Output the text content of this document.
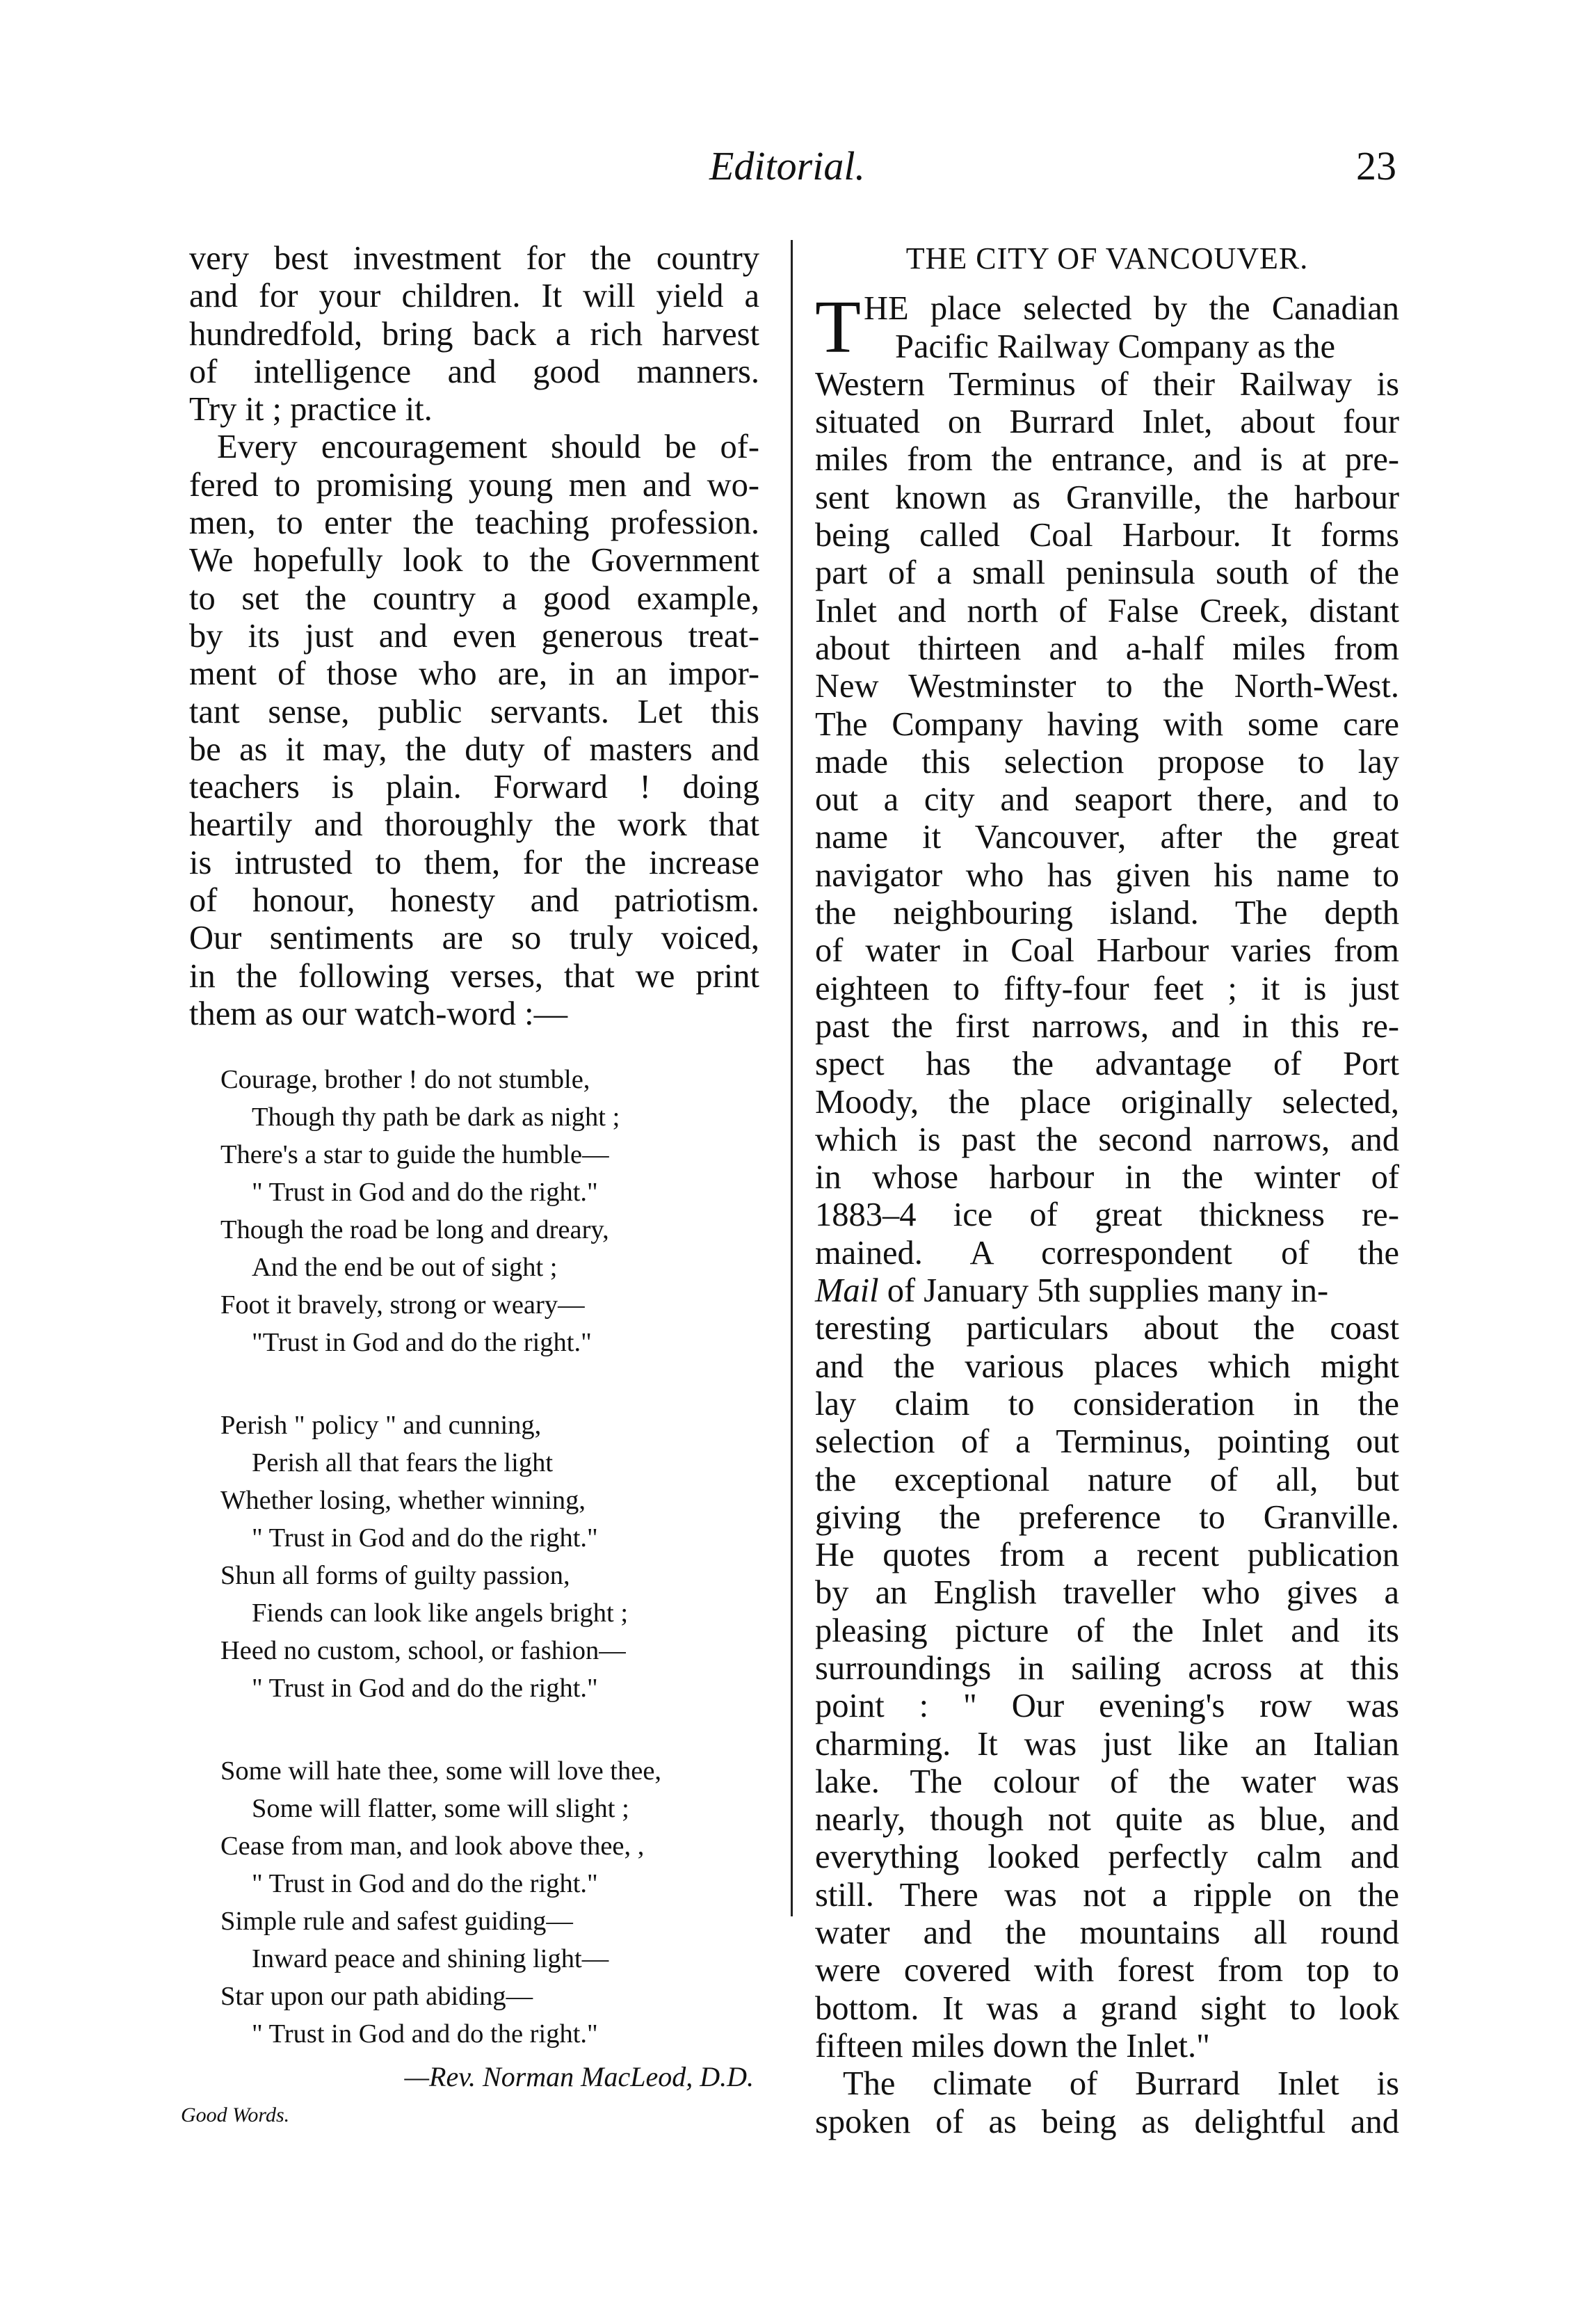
Editorial.	23
very best investment for the country
and for your children. It will yield a
hundredfold, bring back a rich harvest
of intelligence and good manners.
Try it ; practice it.
Every encouragement should be of-
fered to promising young men and wo-
men, to enter the teaching profession.
We hopefully look to the Government
to set the country a good example,
by its just and even generous treat-
ment of those who are, in an impor-
tant sense, public servants. Let this
be as it may, the duty of masters and
teachers is plain. Forward ! doing
heartily and thoroughly the work that
is intrusted to them, for the increase
of honour, honesty and patriotism.
Our sentiments are so truly voiced,
in the following verses, that we print
them as our watch-word :—
Courage, brother ! do not stumble,
Though thy path be dark as night ;
There's a star to guide the humble—
" Trust in God and do the right."
Though the road be long and dreary,
And the end be out of sight ;
Foot it bravely, strong or weary—
"Trust in God and do the right."
Perish " policy " and cunning,
Perish all that fears the light
Whether losing, whether winning,
" Trust in God and do the right."
Shun all forms of guilty passion,
Fiends can look like angels bright ;
Heed no custom, school, or fashion—
" Trust in God and do the right."
Some will hate thee, some will love thee,
Some will flatter, some will slight ;
Cease from man, and look above thee, ,
" Trust in God and do the right."
Simple rule and safest guiding—
Inward peace and shining light—
Star upon our path abiding—
" Trust in God and do the right."
—Rev. Norman MacLeod, D.D.
Good Words.
THE CITY OF VANCOUVER.
T HE place selected by the Canadian
Pacific Railway Company as the
Western Terminus of their Railway is
situated on Burrard Inlet, about four
miles from the entrance, and is at pre-
sent known as Granville, the harbour
being called Coal Harbour. It forms
part of a small peninsula south of the
Inlet and north of False Creek, distant
about thirteen and a-half miles from
New Westminster to the North-West.
The Company having with some care
made this selection propose to lay
out a city and seaport there, and to
name it Vancouver, after the great
navigator who has given his name to
the neighbouring island. The depth
of water in Coal Harbour varies from
eighteen to fifty-four feet ; it is just
past the first narrows, and in this re-
spect has the advantage of Port
Moody, the place originally selected,
which is past the second narrows, and
in whose harbour in the winter of
1883–4 ice of great thickness re-
mained. A correspondent of the
Mail of January 5th supplies many in-
teresting particulars about the coast
and the various places which might
lay claim to consideration in the
selection of a Terminus, pointing out
the exceptional nature of all, but
giving the preference to Granville.
He quotes from a recent publication
by an English traveller who gives a
pleasing picture of the Inlet and its
surroundings in sailing across at this
point : " Our evening's row was
charming. It was just like an Italian
lake. The colour of the water was
nearly, though not quite as blue, and
everything looked perfectly calm and
still. There was not a ripple on the
water and the mountains all round
were covered with forest from top to
bottom. It was a grand sight to look
fifteen miles down the Inlet."
The climate of Burrard Inlet is
spoken of as being as delightful and
